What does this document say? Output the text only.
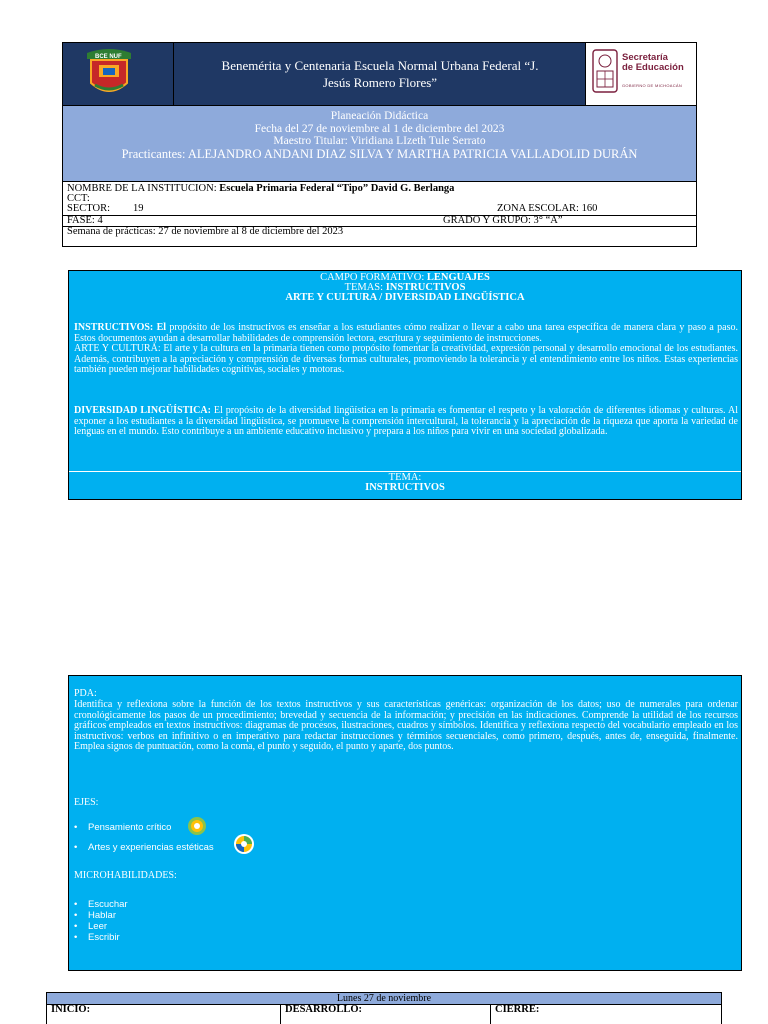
BCE NUF
Benemérita y Centenaria Escuela Normal Urbana Federal “J.
Jesús Romero Flores”
Secretaría
de Educación
GOBIERNO DE MICHOACÁN
Planeación Didáctica
Fecha del 27 de noviembre al 1 de diciembre del 2023
Maestro Titular: Viridiana LIzeth Tule Serrato
Practicantes: ALEJANDRO ANDANI DIAZ SILVA Y MARTHA PATRICIA VALLADOLID DURÁN
NOMBRE DE LA INSTITUCION: Escuela Primaria Federal “Tipo” David G. Berlanga
CCT:
SECTOR: 19	ZONA ESCOLAR: 160
FASE: 4	GRADO Y GRUPO: 3° “A”
Semana de prácticas: 27 de noviembre al 8 de diciembre del 2023
CAMPO FORMATIVO: LENGUAJES
TEMAS: INSTRUCTIVOS
ARTE Y CULTURA / DIVERSIDAD LINGÜÍSTICA
INSTRUCTIVOS: El propósito de los instructivos es enseñar a los estudiantes cómo realizar o llevar a cabo una tarea específica de manera clara y paso a paso. Estos documentos ayudan a desarrollar habilidades de comprensión lectora, escritura y seguimiento de instrucciones.
ARTE Y CULTURA: El arte y la cultura en la primaria tienen como propósito fomentar la creatividad, expresión personal y desarrollo emocional de los estudiantes. Además, contribuyen a la apreciación y comprensión de diversas formas culturales, promoviendo la tolerancia y el entendimiento entre los niños. Estas experiencias también pueden mejorar habilidades cognitivas, sociales y motoras.
DIVERSIDAD LINGÜÍSTICA: El propósito de la diversidad lingüística en la primaria es fomentar el respeto y la valoración de diferentes idiomas y culturas. Al exponer a los estudiantes a la diversidad lingüística, se promueve la comprensión intercultural, la tolerancia y la apreciación de la riqueza que aporta la variedad de lenguas en el mundo. Esto contribuye a un ambiente educativo inclusivo y prepara a los niños para vivir en una sociedad globalizada.
TEMA:
INSTRUCTIVOS
PDA:
Identifica y reflexiona sobre la función de los textos instructivos y sus características genéricas: organización de los datos; uso de numerales para ordenar cronológicamente los pasos de un procedimiento; brevedad y secuencia de la información; y precisión en las indicaciones. Comprende la utilidad de los recursos gráficos empleados en textos instructivos: diagramas de procesos, ilustraciones, cuadros y símbolos. Identifica y reflexiona respecto del vocabulario empleado en los instructivos: verbos en infinitivo o en imperativo para redactar instrucciones y términos secuenciales, como primero, después, antes de, enseguida, finalmente. Emplea signos de puntuación, como la coma, el punto y seguido, el punto y aparte, dos puntos.
EJES:
• Pensamiento crítico
• Artes y experiencias estéticas
MICROHABILIDADES:
• Escuchar
• Hablar
• Leer
• Escribir
Lunes 27 de noviembre
INICIO:	DESARROLLO:	CIERRE:
